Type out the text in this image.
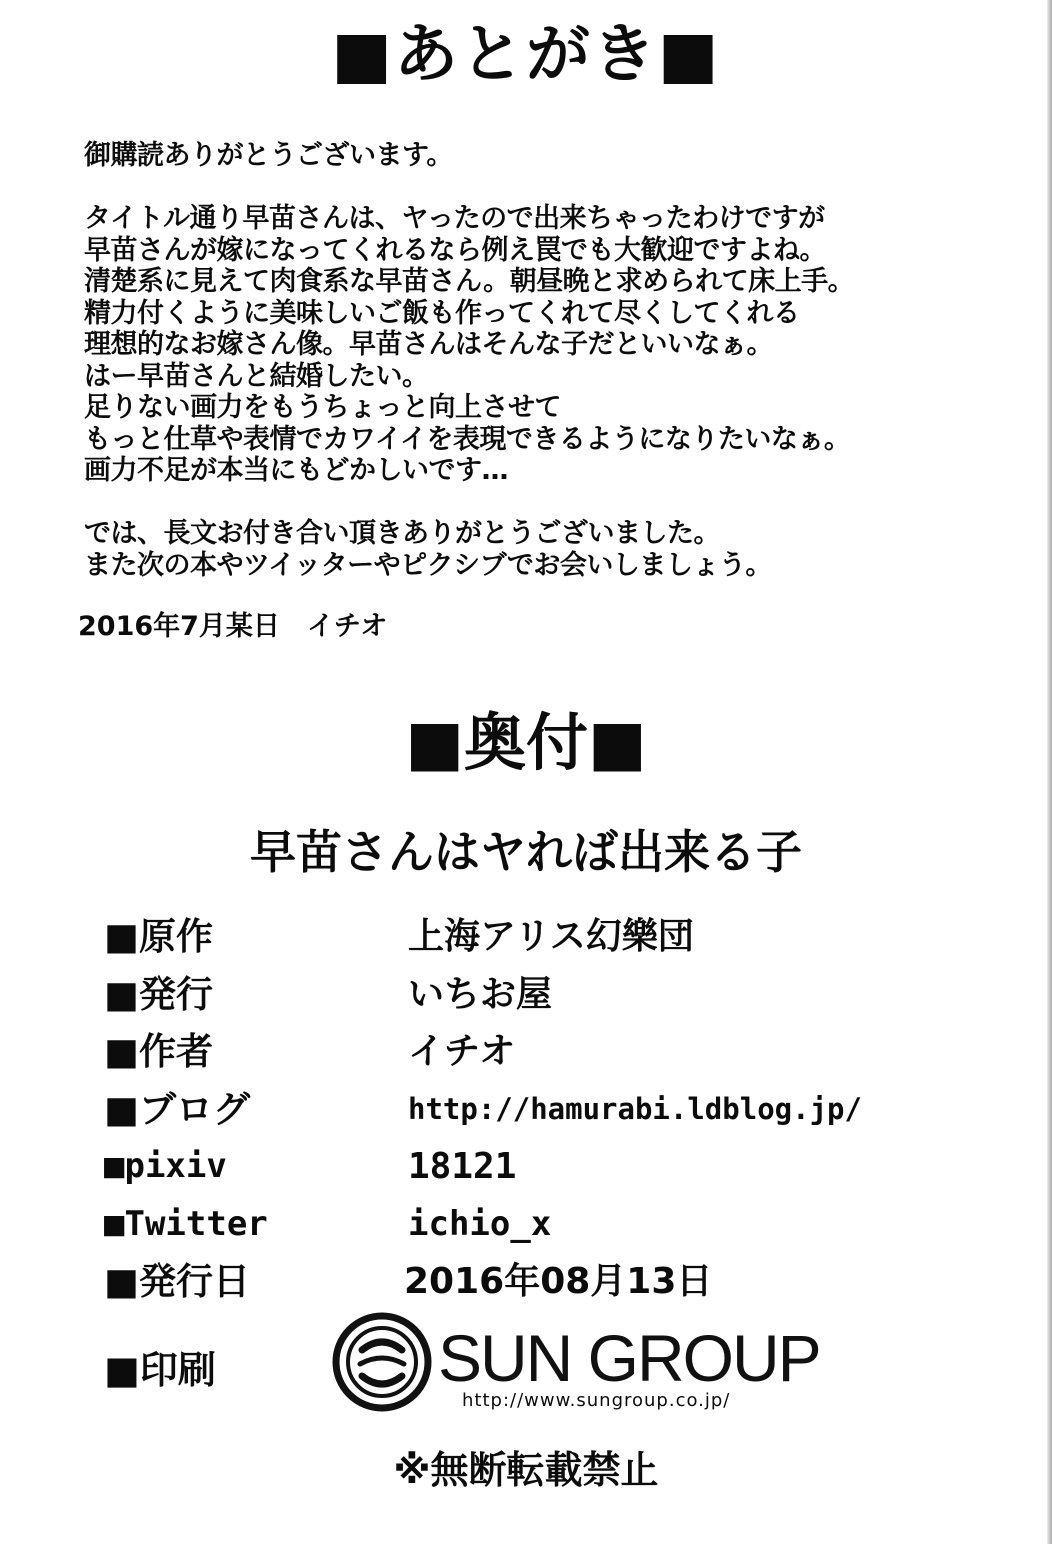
■あとがき■
御購読ありがとうございます。
タイトル通り早苗さんは、ヤったので出来ちゃったわけですが
早苗さんが嫁になってくれるなら例え罠でも大歓迎ですよね。
清楚系に見えて肉食系な早苗さん。朝昼晩と求められて床上手。
精力付くように美味しいご飯も作ってくれて尽くしてくれる
理想的なお嫁さん像。早苗さんはそんな子だといいなぁ。
はー早苗さんと結婚したい。
足りない画力をもうちょっと向上させて
もっと仕草や表情でカワイイを表現できるようになりたいなぁ。
画力不足が本当にもどかしいです…
では、長文お付き合い頂きありがとうございました。
また次の本やツイッターやピクシブでお会いしましょう。
2016年7月某日　イチオ
■奥付■
早苗さんはヤれば出来る子
■原作	上海アリス幻樂団
■発行	いちお屋
■作者	イチオ
■ブログ	http://hamurabi.ldblog.jp/
■pixiv	18121
■Twitter	ichio_x
■発行日	2016年08月13日
■印刷	SUN GROUP
http://www.sungroup.co.jp/
※無断転載禁止
